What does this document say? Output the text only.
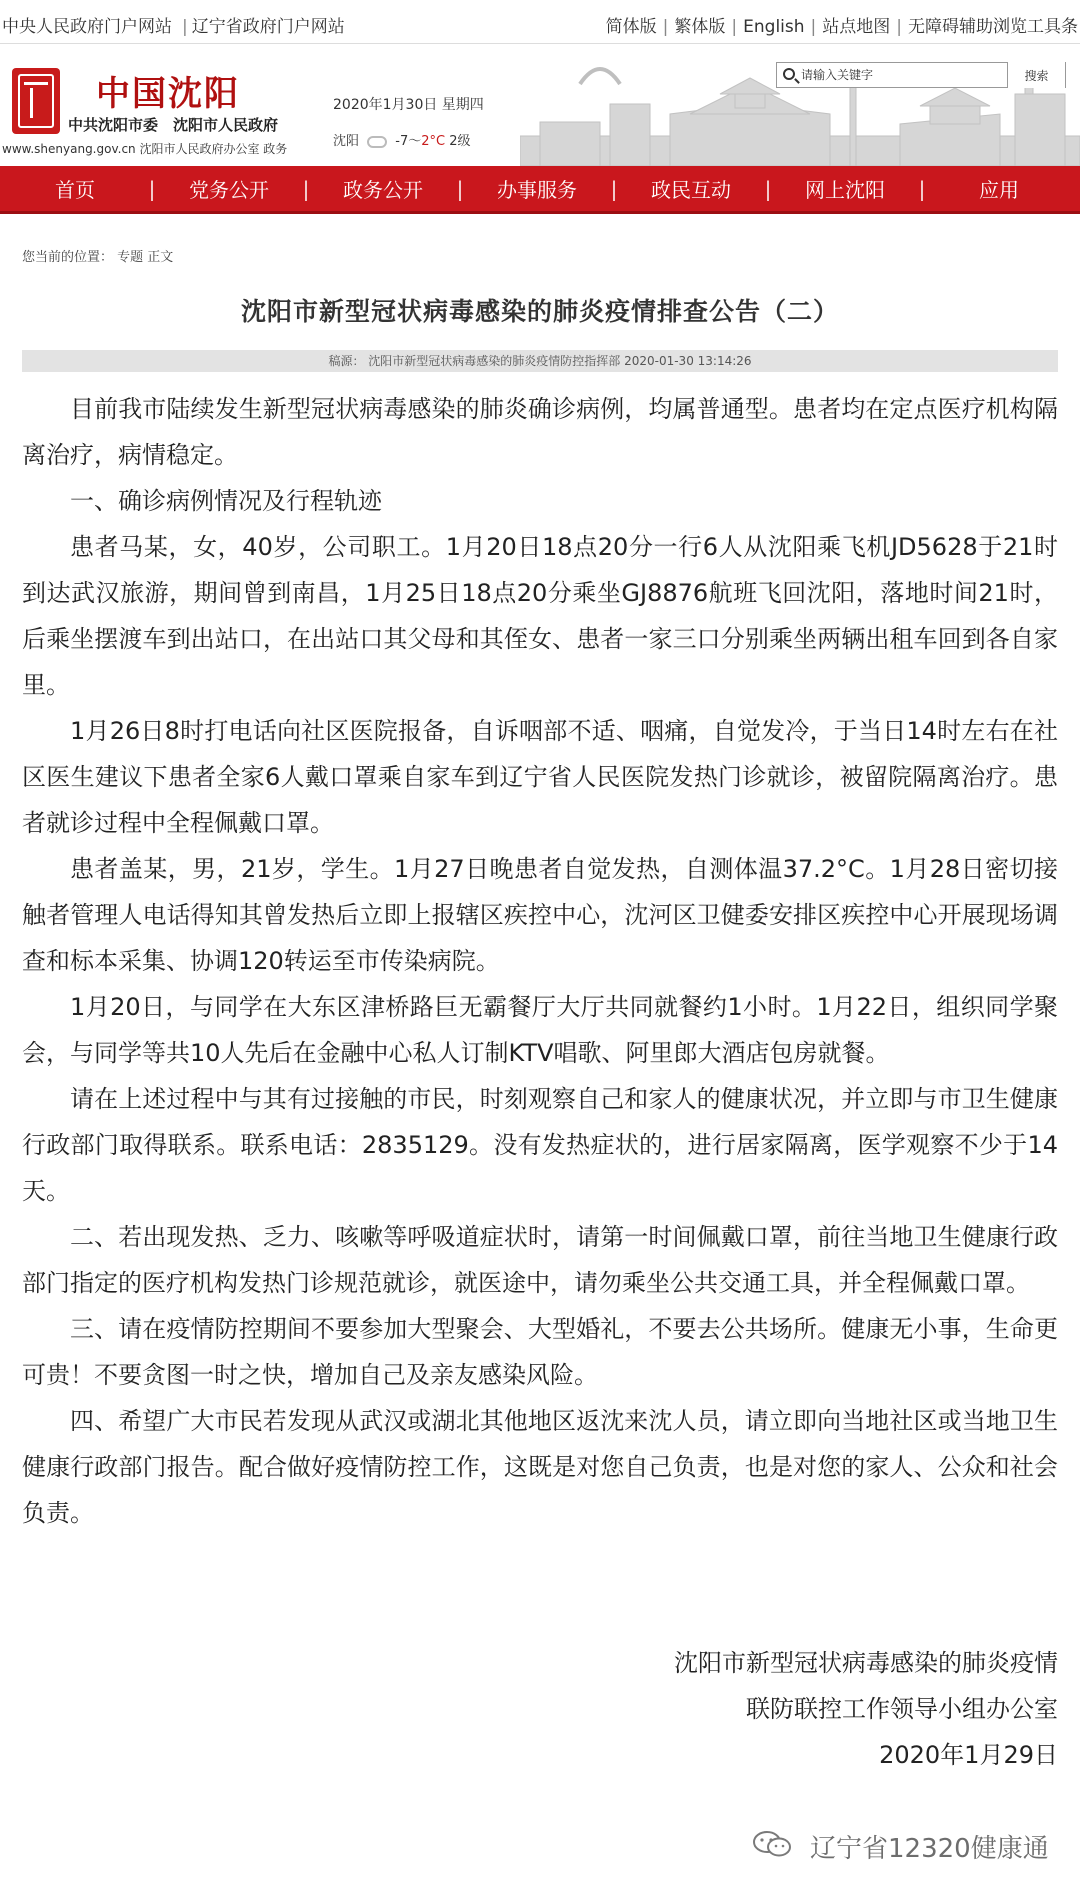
中央人民政府门户网站 | 辽宁省政府门户网站	简体版 | 繁体版 | English | 站点地图 | 无障碍辅助浏览工具条
中国沈阳
中共沈阳市委　沈阳市人民政府
www.shenyang.gov.cn 沈阳市人民政府办公室 政务
2020年1月30日 星期四
沈阳	-7～2°C 2级
请输入关键字
搜索
首页	|	党务公开	|	政务公开	|	办事服务	|	政民互动	|	网上沈阳	|	应用
您当前的位置： 专题 正文
沈阳市新型冠状病毒感染的肺炎疫情排查公告（二）
稿源： 沈阳市新型冠状病毒感染的肺炎疫情防控指挥部 2020-01-30 13:14:26

目前我市陆续发生新型冠状病毒感染的肺炎确诊病例，均属普通型。患者均在定点医疗机构隔离治疗，病情稳定。

一、确诊病例情况及行程轨迹

患者马某，女，40岁，公司职工。1月20日18点20分一行6人从沈阳乘飞机JD5628于21时到达武汉旅游，期间曾到南昌，1月25日18点20分乘坐GJ8876航班飞回沈阳，落地时间21时，后乘坐摆渡车到出站口，在出站口其父母和其侄女、患者一家三口分别乘坐两辆出租车回到各自家里。

1月26日8时打电话向社区医院报备，自诉咽部不适、咽痛，自觉发冷，于当日14时左右在社区医生建议下患者全家6人戴口罩乘自家车到辽宁省人民医院发热门诊就诊，被留院隔离治疗。患者就诊过程中全程佩戴口罩。

患者盖某，男，21岁，学生。1月27日晚患者自觉发热，自测体温37.2°C。1月28日密切接触者管理人电话得知其曾发热后立即上报辖区疾控中心，沈河区卫健委安排区疾控中心开展现场调查和标本采集、协调120转运至市传染病院。

1月20日，与同学在大东区津桥路巨无霸餐厅大厅共同就餐约1小时。1月22日，组织同学聚会，与同学等共10人先后在金融中心私人订制KTV唱歌、阿里郎大酒店包房就餐。

请在上述过程中与其有过接触的市民，时刻观察自己和家人的健康状况，并立即与市卫生健康行政部门取得联系。联系电话：2835129。没有发热症状的，进行居家隔离，医学观察不少于14天。

二、若出现发热、乏力、咳嗽等呼吸道症状时，请第一时间佩戴口罩，前往当地卫生健康行政部门指定的医疗机构发热门诊规范就诊，就医途中，请勿乘坐公共交通工具，并全程佩戴口罩。

三、请在疫情防控期间不要参加大型聚会、大型婚礼，不要去公共场所。健康无小事，生命更可贵！不要贪图一时之快，增加自己及亲友感染风险。

四、希望广大市民若发现从武汉或湖北其他地区返沈来沈人员，请立即向当地社区或当地卫生健康行政部门报告。配合做好疫情防控工作，这既是对您自己负责，也是对您的家人、公众和社会负责。

沈阳市新型冠状病毒感染的肺炎疫情
联防联控工作领导小组办公室
2020年1月29日
辽宁省12320健康通
